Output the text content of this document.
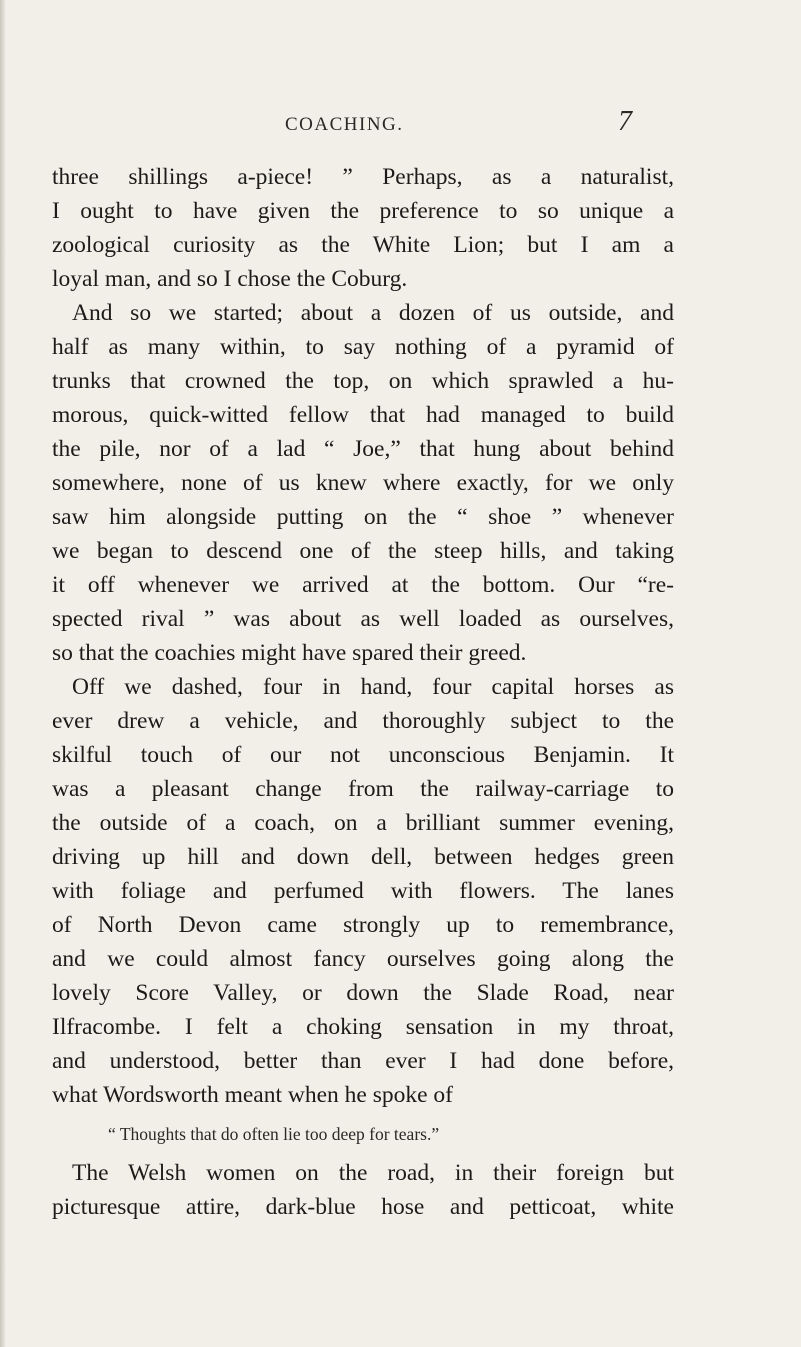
COACHING.	7
three shillings a-piece! ” Perhaps, as a naturalist,
I ought to have given the preference to so unique a
zoological curiosity as the White Lion; but I am a
loyal man, and so I chose the Coburg.
And so we started; about a dozen of us outside, and
half as many within, to say nothing of a pyramid of
trunks that crowned the top, on which sprawled a hu-
morous, quick-witted fellow that had managed to build
the pile, nor of a lad “ Joe,” that hung about behind
somewhere, none of us knew where exactly, for we only
saw him alongside putting on the “ shoe ” whenever
we began to descend one of the steep hills, and taking
it off whenever we arrived at the bottom. Our “re-
spected rival ” was about as well loaded as ourselves,
so that the coachies might have spared their greed.
Off we dashed, four in hand, four capital horses as
ever drew a vehicle, and thoroughly subject to the
skilful touch of our not unconscious Benjamin. It
was a pleasant change from the railway-carriage to
the outside of a coach, on a brilliant summer evening,
driving up hill and down dell, between hedges green
with foliage and perfumed with flowers. The lanes
of North Devon came strongly up to remembrance,
and we could almost fancy ourselves going along the
lovely Score Valley, or down the Slade Road, near
Ilfracombe. I felt a choking sensation in my throat,
and understood, better than ever I had done before,
what Wordsworth meant when he spoke of
“ Thoughts that do often lie too deep for tears.”
The Welsh women on the road, in their foreign but
picturesque attire, dark-blue hose and petticoat, white
